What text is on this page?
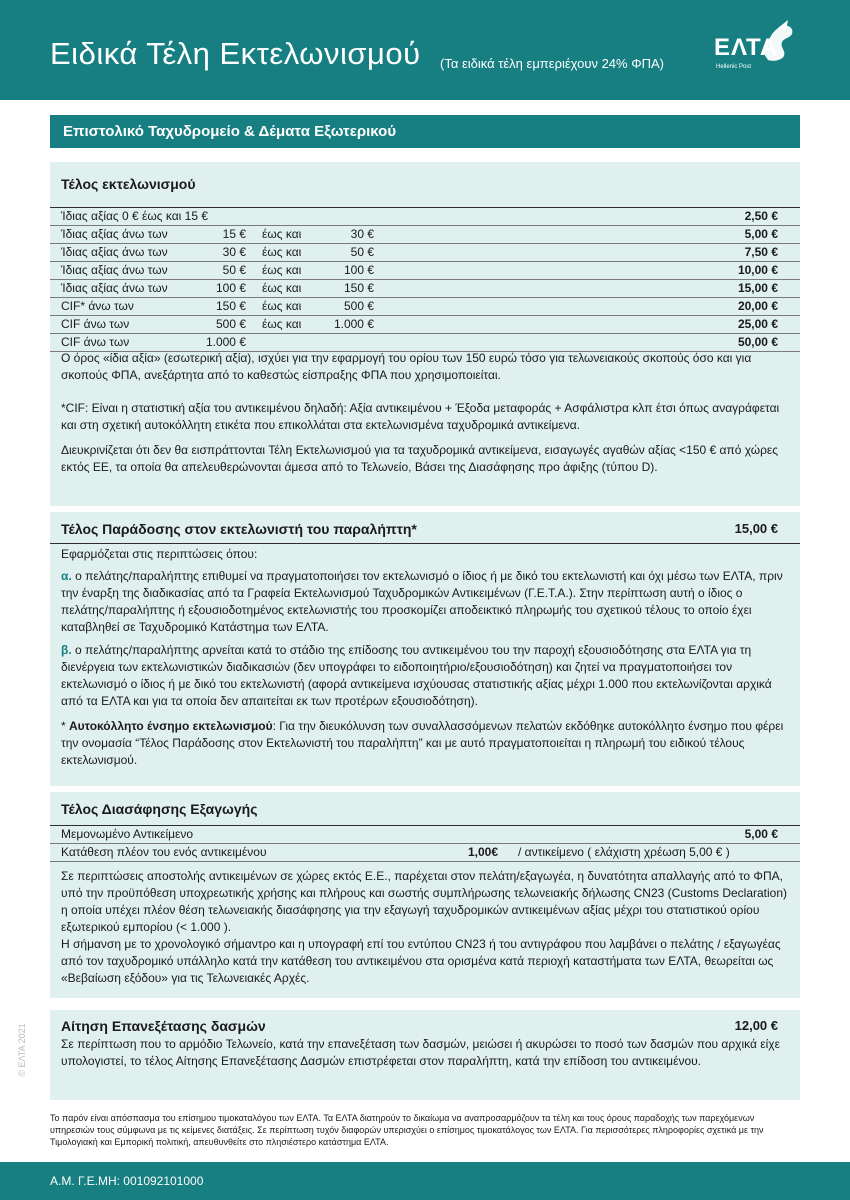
Ειδικά Τέλη Εκτελωνισμού (Τα ειδικά τέλη εμπεριέχουν 24% ΦΠΑ)
ΕΛΤΑ
Hellenic Post
Επιστολικό Ταχυδρομείο & Δέματα Εξωτερικού
Τέλος εκτελωνισμού
Ίδιας αξίας 0 € έως και 15 €	2,50 €
Ίδιας αξίας άνω των	15 € έως και	30 €	5,00 €
Ίδιας αξίας άνω των	30 € έως και	50 €	7,50 €
Ίδιας αξίας άνω των	50 € έως και	100 €	10,00 €
Ίδιας αξίας άνω των	100 € έως και	150 €	15,00 €
CIF* άνω των	150 € έως και	500 €	20,00 €
CIF άνω των	500 € έως και	1.000 €	25,00 €
CIF άνω των	1.000 €	50,00 €

Ο όρος «ίδια αξία» (εσωτερική αξία), ισχύει για την εφαρμογή του ορίου των 150 ευρώ τόσο για τελωνειακούς σκοπούς όσο και για σκοπούς ΦΠΑ, ανεξάρτητα από το καθεστώς είσπραξης ΦΠΑ που χρησιμοποιείται.

*CIF: Είναι η στατιστική αξία του αντικειμένου δηλαδή: Αξία αντικειμένου + Έξοδα μεταφοράς + Ασφάλιστρα κλπ έτσι όπως αναγράφεται και στη σχετική αυτοκόλλητη ετικέτα που επικολλάται στα εκτελωνισμένα ταχυδρομικά αντικείμενα.

Διευκρινίζεται ότι δεν θα εισπράττονται Τέλη Εκτελωνισμού για τα ταχυδρομικά αντικείμενα, εισαγωγές αγαθών αξίας <150 € από χώρες εκτός ΕΕ, τα οποία θα απελευθερώνονται άμεσα από το Τελωνείο, Βάσει της Διασάφησης προ άφιξης (τύπου D).

Τέλος Παράδοσης στον εκτελωνιστή του παραλήπτη*	15,00 €

Εφαρμόζεται στις περιπτώσεις όπου:

α. ο πελάτης/παραλήπτης επιθυμεί να πραγματοποιήσει τον εκτελωνισμό ο ίδιος ή με δικό του εκτελωνιστή και όχι μέσω των ΕΛΤΑ, πριν την έναρξη της διαδικασίας από τα Γραφεία Εκτελωνισμού Ταχυδρομικών Αντικειμένων (Γ.Ε.Τ.Α.). Στην περίπτωση αυτή ο ίδιος ο πελάτης/παραλήπτης ή εξουσιοδοτημένος εκτελωνιστής του προσκομίζει αποδεικτικό πληρωμής του σχετικού τέλους το οποίο έχει καταβληθεί σε Ταχυδρομικό Κατάστημα των ΕΛΤΑ.

β. ο πελάτης/παραλήπτης αρνείται κατά το στάδιο της επίδοσης του αντικειμένου του την παροχή εξουσιοδότησης στα ΕΛΤΑ για τη διενέργεια των εκτελωνιστικών διαδικασιών (δεν υπογράφει το ειδοποιητήριο/εξουσιοδότηση) και ζητεί να πραγματοποιήσει τον εκτελωνισμό ο ίδιος ή με δικό του εκτελωνιστή (αφορά αντικείμενα ισχύουσας στατιστικής αξίας μέχρι 1.000 που εκτελωνίζονται αρχικά από τα ΕΛΤΑ και για τα οποία δεν απαιτείται εκ των προτέρων εξουσιοδότηση).

* Αυτοκόλλητο ένσημο εκτελωνισμού: Για την διευκόλυνση των συναλλασσόμενων πελατών εκδόθηκε αυτοκόλλητο ένσημο που φέρει την ονομασία “Τέλος Παράδοσης στον Εκτελωνιστή του παραλήπτη” και με αυτό πραγματοποιείται η πληρωμή του ειδικού τέλους εκτελωνισμού.

Τέλος Διασάφησης Εξαγωγής
Μεμονωμένο Αντικείμενο	5,00 €
Κατάθεση πλέον του ενός αντικειμένου	1,00€ / αντικείμενο ( ελάχιστη χρέωση 5,00 € )

Σε περιπτώσεις αποστολής αντικειμένων σε χώρες εκτός Ε.Ε., παρέχεται στον πελάτη/εξαγωγέα, η δυνατότητα απαλλαγής από το ΦΠΑ, υπό την προϋπόθεση υποχρεωτικής χρήσης και πλήρους και σωστής συμπλήρωσης τελωνειακής δήλωσης CN23 (Customs Declaration) η οποία υπέχει πλέον θέση τελωνειακής διασάφησης για την εξαγωγή ταχυδρομικών αντικειμένων αξίας μέχρι του στατιστικού ορίου εξωτερικού εμπορίου (< 1.000 ).

Η σήμανση με το χρονολογικό σήμαντρο και η υπογραφή επί του εντύπου CN23 ή του αντιγράφου που λαμβάνει ο πελάτης / εξαγωγέας από τον ταχυδρομικό υπάλληλο κατά την κατάθεση του αντικειμένου στα ορισμένα κατά περιοχή καταστήματα των ΕΛΤΑ, θεωρείται ως «Βεβαίωση εξόδου» για τις Τελωνειακές Αρχές.

Αίτηση Επανεξέτασης δασμών	12,00 €

Σε περίπτωση που το αρμόδιο Τελωνείο, κατά την επανεξέταση των δασμών, μειώσει ή ακυρώσει το ποσό των δασμών που αρχικά είχε υπολογιστεί, το τέλος Αίτησης Επανεξέτασης Δασμών επιστρέφεται στον παραλήπτη, κατά την επίδοση του αντικειμένου.

© ΕΛΤΑ 2021

Το παρόν είναι απόσπασμα του επίσημου τιμοκαταλόγου των ΕΛΤΑ. Τα ΕΛΤΑ διατηρούν το δικαίωμα να αναπροσαρμόζουν τα τέλη και τους όρους παραδοχής των παρεχόμενων υπηρεσιών τους σύμφωνα με τις κείμενες διατάξεις. Σε περίπτωση τυχόν διαφορών υπερισχύει ο επίσημος τιμοκατάλογος των ΕΛΤΑ. Για περισσότερες πληροφορίες σχετικά με την Τιμολογιακή και Εμπορική πολιτική, απευθυνθείτε στο πλησιέστερο κατάστημα ΕΛΤΑ.

Α.Μ. Γ.Ε.ΜΗ: 001092101000
